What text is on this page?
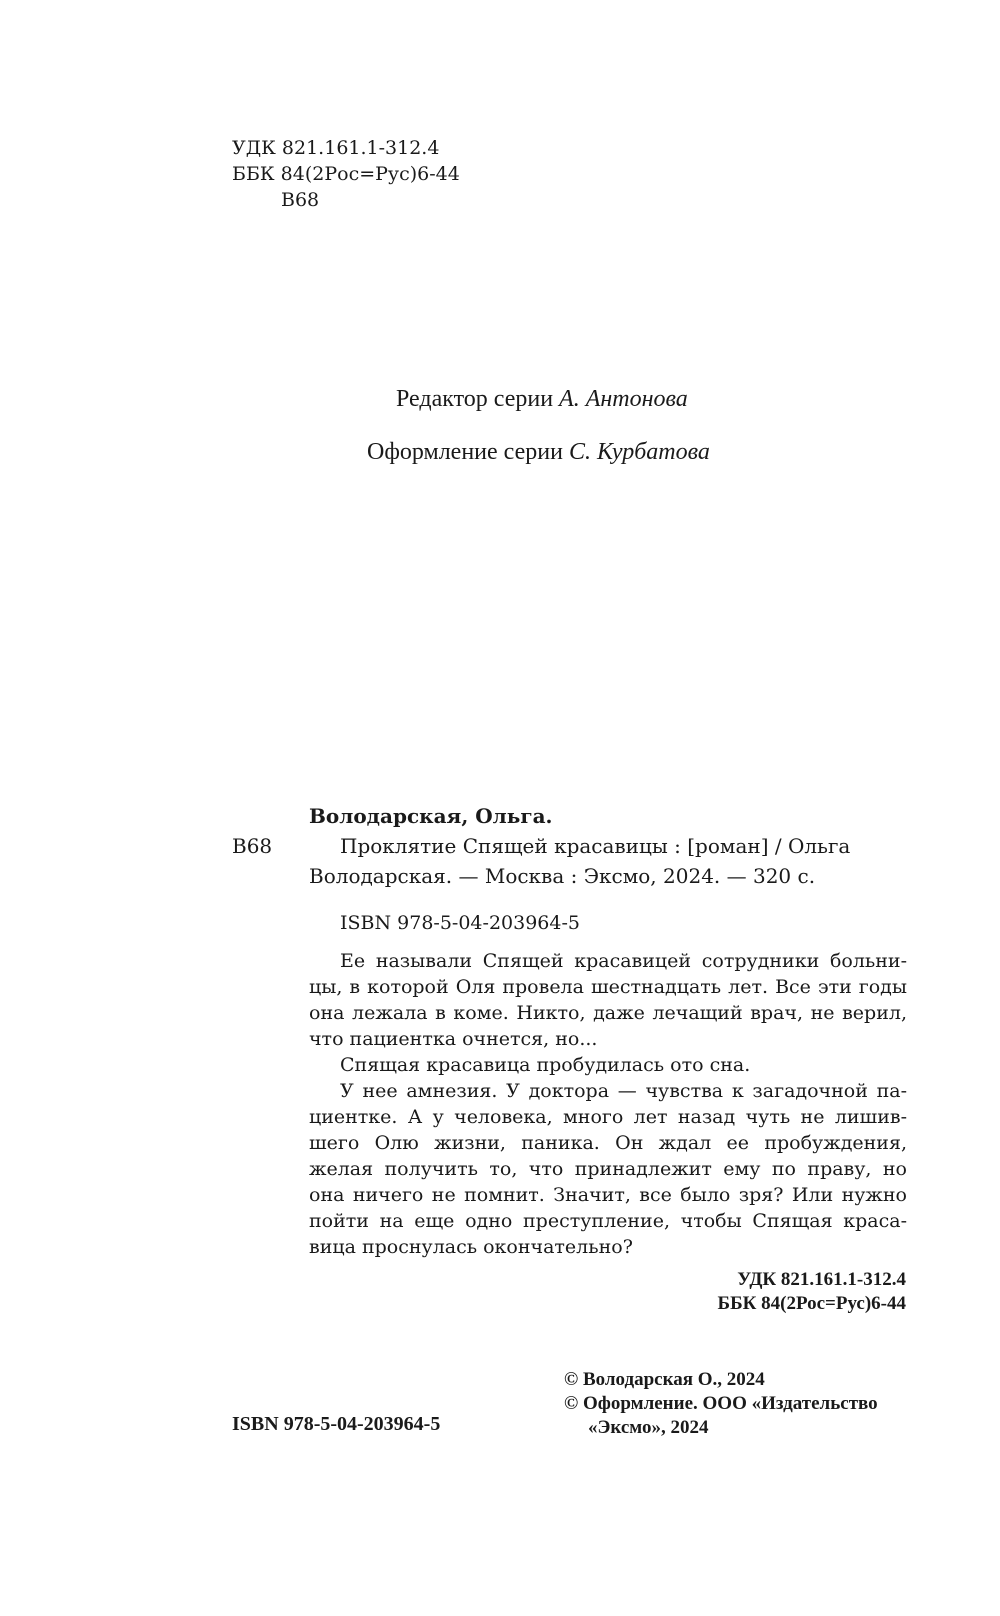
УДК 821.161.1-312.4
ББК 84(2Рос=Рус)6-44
В68
Редактор серии А. Антонова
Оформление серии С. Курбатова
Володарская, Ольга.
В68	Проклятие Спящей красавицы : [роман] / Ольга
Володарская. — Москва : Эксмо, 2024. — 320 с.
ISBN 978-5-04-203964-5
Ее называли Спящей красавицей сотрудники больни-
цы, в которой Оля провела шестнадцать лет. Все эти годы
она лежала в коме. Никто, даже лечащий врач, не верил,
что пациентка очнется, но...
Спящая красавица пробудилась ото сна.
У нее амнезия. У доктора — чувства к загадочной па-
циентке. А у человека, много лет назад чуть не лишив-
шего Олю жизни, паника. Он ждал ее пробуждения,
желая получить то, что принадлежит ему по праву, но
она ничего не помнит. Значит, все было зря? Или нужно
пойти на еще одно преступление, чтобы Спящая краса-
вица проснулась окончательно?
УДК 821.161.1-312.4
ББК 84(2Рос=Рус)6-44
ISBN 978-5-04-203964-5
© Володарская О., 2024
© Оформление. ООО «Издательство
«Эксмо», 2024
